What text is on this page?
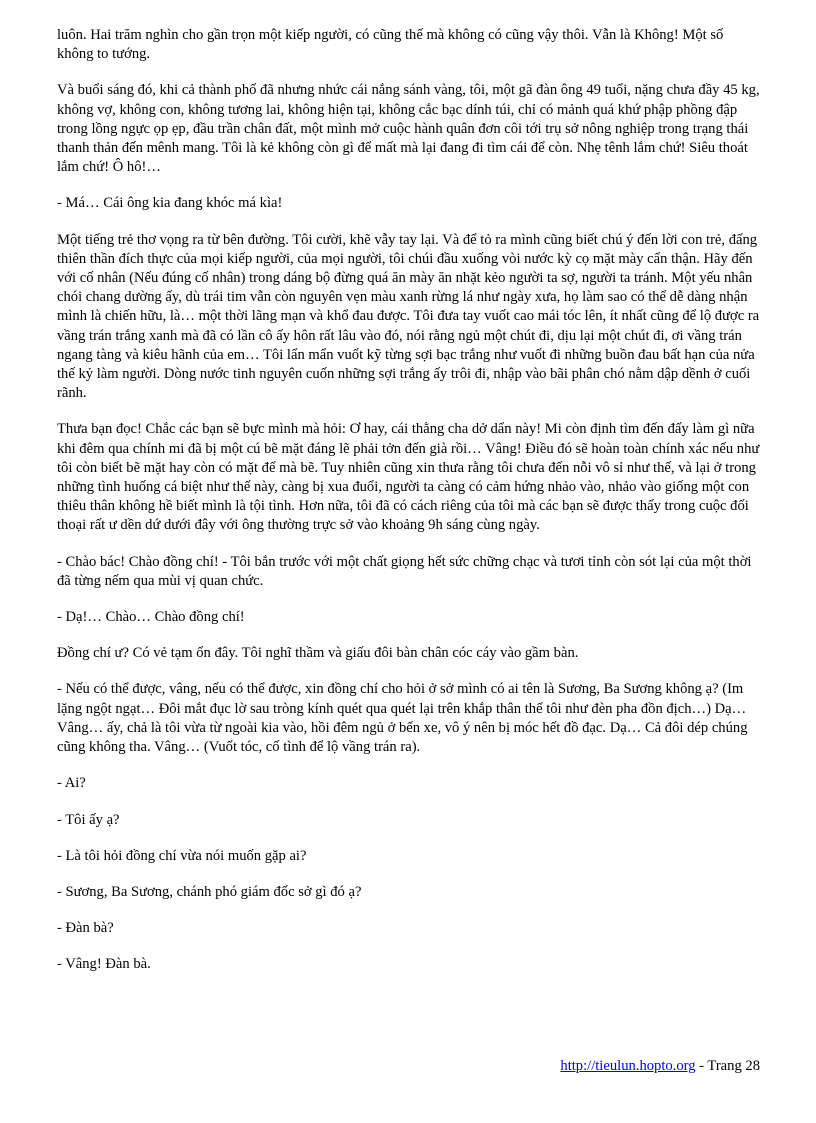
luôn. Hai trăm nghìn cho gần trọn một kiếp người, có cũng thế mà không có cũng vậy thôi. Vẫn là Không! Một số không to tướng.

Và buổi sáng đó, khi cả thành phố đã nhưng nhức cái nắng sánh vàng, tôi, một gã đàn ông 49 tuổi, nặng chưa đầy 45 kg, không vợ, không con, không tương lai, không hiện tại, không cắc bạc dính túi, chỉ có mảnh quá khứ phập phồng đập trong lồng ngực ọp ẹp, đầu trần chân đất, một mình mở cuộc hành quân đơn côi tới trụ sở nông nghiệp trong trạng thái thanh thản đến mênh mang. Tôi là kẻ không còn gì để mất mà lại đang đi tìm cái để còn. Nhẹ tênh lắm chứ! Siêu thoát lắm chứ! Ô hô!…

- Má… Cái ông kia đang khóc má kìa!

Một tiếng trẻ thơ vọng ra từ bên đường. Tôi cười, khẽ vẫy tay lại. Và để tỏ ra mình cũng biết chú ý đến lời con trẻ, đấng thiên thần đích thực của mọi kiếp người, của mọi người, tôi chúi đầu xuống vòi nước kỳ cọ mặt mày cẩn thận. Hãy đến với cố nhân (Nếu đúng cố nhân) trong dáng bộ đừng quá ăn mày ăn nhặt kẻo người ta sợ, người ta tránh. Một yếu nhân chói chang dường ấy, dù trái tim vẫn còn nguyên vẹn màu xanh rừng lá như ngày xưa, họ làm sao có thể dễ dàng nhận mình là chiến hữu, là… một thời lãng mạn và khổ đau được. Tôi đưa tay vuốt cao mái tóc lên, ít nhất cũng để lộ được ra vầng trán trắng xanh mà đã có lần cô ấy hôn rất lâu vào đó, nói rằng ngủ một chút đi, dịu lại một chút đi, ơi vầng trán ngang tàng và kiêu hãnh của em… Tôi lẩn mẩn vuốt kỹ từng sợi bạc trắng như vuốt đi những buồn đau bất hạn của nửa thế kỷ làm người. Dòng nước tinh nguyên cuốn những sợi trắng ấy trôi đi, nhập vào bãi phân chó nằm dập dềnh ở cuối rãnh.

Thưa bạn đọc! Chắc các bạn sẽ bực mình mà hỏi: Ơ hay, cái thằng cha dở dẩn này! Mi còn định tìm đến đấy làm gì nữa khi đêm qua chính mi đã bị một cú bẽ mặt đáng lẽ phải tởn đến già rồi… Vâng! Điều đó sẽ hoàn toàn chính xác nếu như tôi còn biết bẽ mặt hay còn có mặt để mà bẽ. Tuy nhiên cũng xin thưa rằng tôi chưa đến nỗi vô sỉ như thế, và lại ở trong những tình huống cá biệt như thế này, càng bị xua đuổi, người ta càng có cảm hứng nhảo vào, nhảo vào giống một con thiêu thân không hề biết mình là tội tình. Hơn nữa, tôi đã có cách riêng của tôi mà các bạn sẽ được thấy trong cuộc đối thoại rất ư dền dứ dưới đây với ông thường trực sở vào khoảng 9h sáng cùng ngày.

- Chào bác! Chào đồng chí! - Tôi bắn trước với một chất giọng hết sức chững chạc và tươi tỉnh còn sót lại của một thời đã từng nếm qua mùi vị quan chức.

- Dạ!… Chào… Chào đồng chí!

Đồng chí ư? Có vẻ tạm ổn đây. Tôi nghĩ thầm và giấu đôi bàn chân cóc cáy vào gầm bàn.

- Nếu có thể được, vâng, nếu có thể được, xin đồng chí cho hỏi ở sở mình có ai tên là Sương, Ba Sương không ạ? (Im lặng ngột ngạt… Đôi mắt đục lờ sau tròng kính quét qua quét lại trên khắp thân thể tôi như đèn pha đồn địch…) Dạ… Vâng… ấy, chả là tôi vừa từ ngoài kia vào, hồi đêm ngủ ở bến xe, vô ý nên bị móc hết đồ đạc. Dạ… Cả đôi dép chúng cũng không tha. Vâng… (Vuốt tóc, cố tình để lộ vầng trán ra).

- Ai?

- Tôi ấy ạ?

- Là tôi hỏi đồng chí vừa nói muốn gặp ai?

- Sương, Ba Sương, chánh phó giám đốc sở gì đó ạ?

- Đàn bà?

- Vâng! Đàn bà.

http://tieulun.hopto.org - Trang 28
